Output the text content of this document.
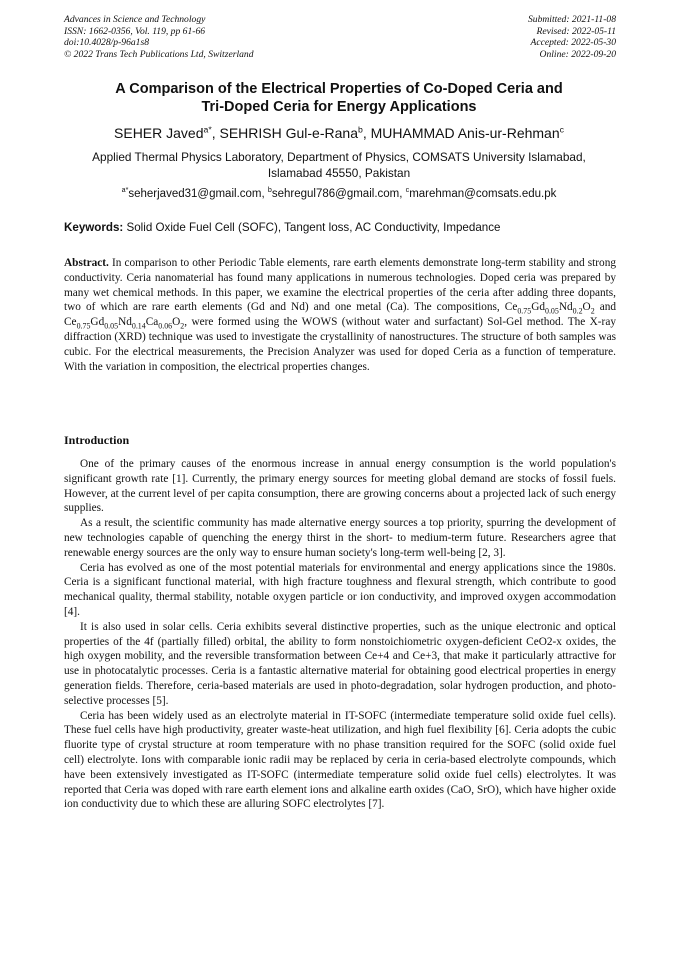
Advances in Science and Technology
ISSN: 1662-0356, Vol. 119, pp 61-66
doi:10.4028/p-96a1s8
© 2022 Trans Tech Publications Ltd, Switzerland
Submitted: 2021-11-08
Revised: 2022-05-11
Accepted: 2022-05-30
Online: 2022-09-20
A Comparison of the Electrical Properties of Co-Doped Ceria and
Tri-Doped Ceria for Energy Applications
SEHER Javed$^{a*}$, SEHRISH Gul-e-Rana$^b$, MUHAMMAD Anis-ur-Rehman$^c$
Applied Thermal Physics Laboratory, Department of Physics, COMSATS University Islamabad,
Islamabad 45550, Pakistan
$^{a*}$seherjaved31@gmail.com, $^b$sehregul786@gmail.com, $^c$marehman@comsats.edu.pk
Keywords: Solid Oxide Fuel Cell (SOFC), Tangent loss, AC Conductivity, Impedance
Abstract. In comparison to other Periodic Table elements, rare earth elements demonstrate long-term stability and strong conductivity. Ceria nanomaterial has found many applications in numerous technologies. Doped ceria was prepared by many wet chemical methods. In this paper, we examine the electrical properties of the ceria after adding three dopants, two of which are rare earth elements (Gd and Nd) and one metal (Ca). The compositions, $Ce_{0.75}Gd_{0.05}Nd_{0.2}O_2$ and $Ce_{0.75}Gd_{0.05}Nd_{0.14}Ca_{0.06}O_2$, were formed using the WOWS (without water and surfactant) Sol-Gel method. The X-ray diffraction (XRD) technique was used to investigate the crystallinity of nanostructures. The structure of both samples was cubic. For the electrical measurements, the Precision Analyzer was used for doped Ceria as a function of temperature. With the variation in composition, the electrical properties changes.
Introduction

One of the primary causes of the enormous increase in annual energy consumption is the world population's significant growth rate [1]. Currently, the primary energy sources for meeting global demand are stocks of fossil fuels. However, at the current level of per capita consumption, there are growing concerns about a projected lack of such energy supplies.

As a result, the scientific community has made alternative energy sources a top priority, spurring the development of new technologies capable of quenching the energy thirst in the short- to medium-term future. Researchers agree that renewable energy sources are the only way to ensure human society's long-term well-being [2, 3].

Ceria has evolved as one of the most potential materials for environmental and energy applications since the 1980s. Ceria is a significant functional material, with high fracture toughness and flexural strength, which contribute to good mechanical quality, thermal stability, notable oxygen particle or ion conductivity, and improved oxygen accommodation [4].

It is also used in solar cells. Ceria exhibits several distinctive properties, such as the unique electronic and optical properties of the 4f (partially filled) orbital, the ability to form nonstoichiometric oxygen-deficient CeO2-x oxides, the high oxygen mobility, and the reversible transformation between Ce+4 and Ce+3, that make it particularly attractive for use in photocatalytic processes. Ceria is a fantastic alternative material for obtaining good electrical properties in energy generation fields. Therefore, ceria-based materials are used in photo-degradation, solar hydrogen production, and photo-selective processes [5].

Ceria has been widely used as an electrolyte material in IT-SOFC (intermediate temperature solid oxide fuel cells). These fuel cells have high productivity, greater waste-heat utilization, and high fuel flexibility [6]. Ceria adopts the cubic fluorite type of crystal structure at room temperature with no phase transition required for the SOFC (solid oxide fuel cell) electrolyte. Ions with comparable ionic radii may be replaced by ceria in ceria-based electrolyte compounds, which have been extensively investigated as IT-SOFC (intermediate temperature solid oxide fuel cells) electrolytes. It was reported that Ceria was doped with rare earth element ions and alkaline earth oxides (CaO, SrO), which have higher oxide ion conductivity due to which these are alluring SOFC electrolytes [7].
